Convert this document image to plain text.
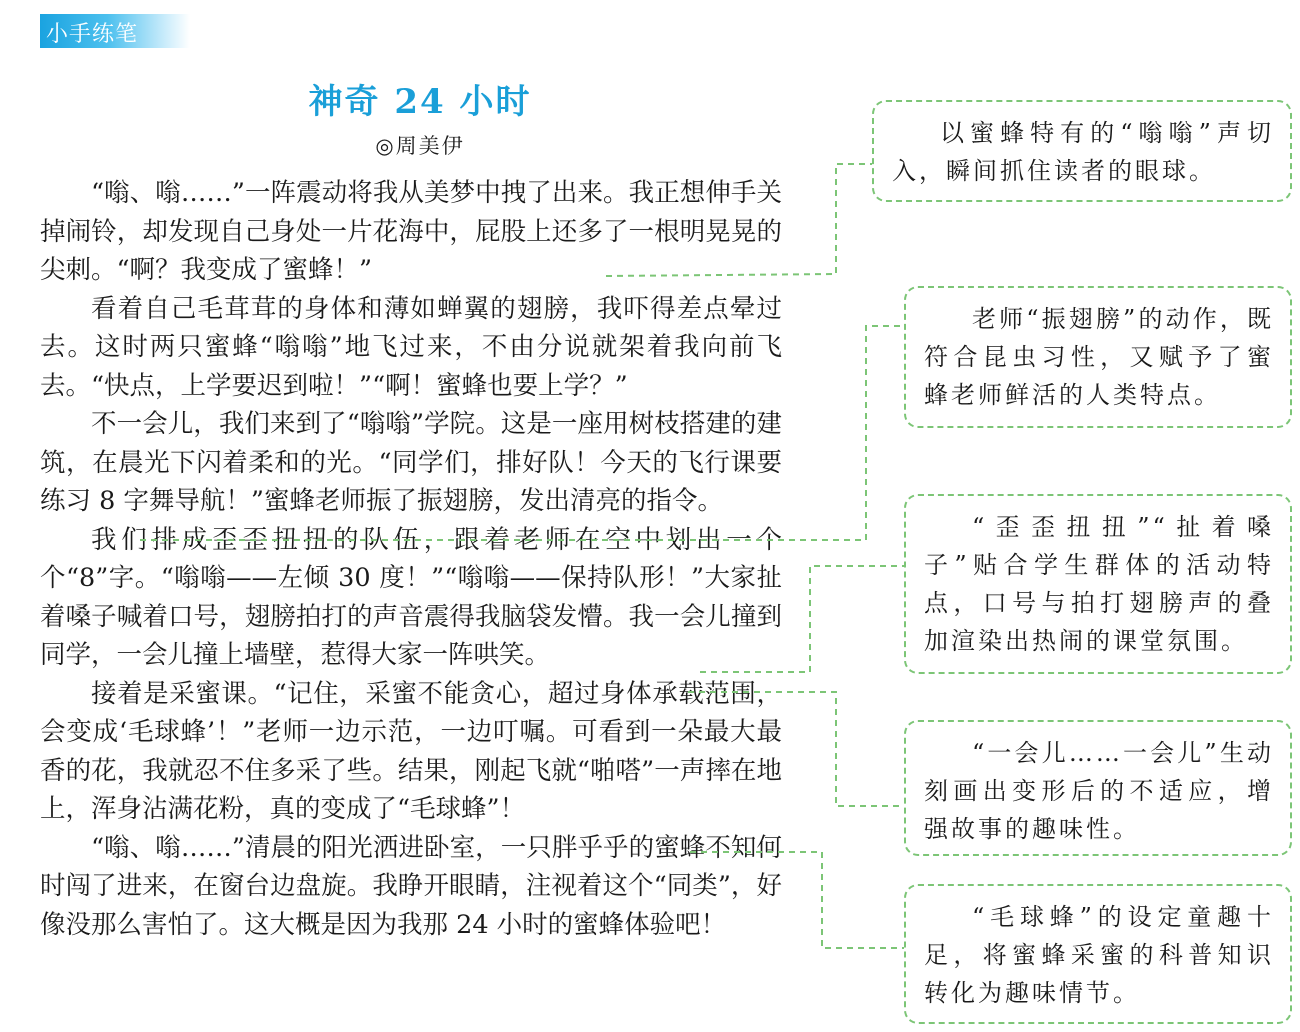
小手练笔
神奇 24 小时
◎周美伊

“嗡、嗡……”一阵震动将我从美梦中拽了出来。我正想伸手关掉闹铃，却发现自己身处一片花海中，屁股上还多了一根明晃晃的尖刺。“啊？我变成了蜜蜂！”

看着自己毛茸茸的身体和薄如蝉翼的翅膀，我吓得差点晕过去。这时两只蜜蜂“嗡嗡”地飞过来，不由分说就架着我向前飞去。“快点，上学要迟到啦！”“啊！蜜蜂也要上学？”

不一会儿，我们来到了“嗡嗡”学院。这是一座用树枝搭建的建筑，在晨光下闪着柔和的光。“同学们，排好队！今天的飞行课要练习 8 字舞导航！”蜜蜂老师振了振翅膀，发出清亮的指令。

我们排成歪歪扭扭的队伍，跟着老师在空中划出一个个“8”字。“嗡嗡——左倾 30 度！”“嗡嗡——保持队形！”大家扯着嗓子喊着口号，翅膀拍打的声音震得我脑袋发懵。我一会儿撞到同学，一会儿撞上墙壁，惹得大家一阵哄笑。

接着是采蜜课。“记住，采蜜不能贪心，超过身体承载范围，会变成‘毛球蜂’！”老师一边示范，一边叮嘱。可看到一朵最大最香的花，我就忍不住多采了些。结果，刚起飞就“啪嗒”一声摔在地上，浑身沾满花粉，真的变成了“毛球蜂”！

“嗡、嗡……”清晨的阳光洒进卧室，一只胖乎乎的蜜蜂不知何时闯了进来，在窗台边盘旋。我睁开眼睛，注视着这个“同类”，好像没那么害怕了。这大概是因为我那 24 小时的蜜蜂体验吧！

以蜜蜂特有的“嗡嗡”声切入，瞬间抓住读者的眼球。

老师“振翅膀”的动作，既符合昆虫习性，又赋予了蜜蜂老师鲜活的人类特点。

“歪歪扭扭”“扯着嗓子”贴合学生群体的活动特点，口号与拍打翅膀声的叠加渲染出热闹的课堂氛围。

“一会儿……一会儿”生动刻画出变形后的不适应，增强故事的趣味性。

“毛球蜂”的设定童趣十足，将蜜蜂采蜜的科普知识转化为趣味情节。
